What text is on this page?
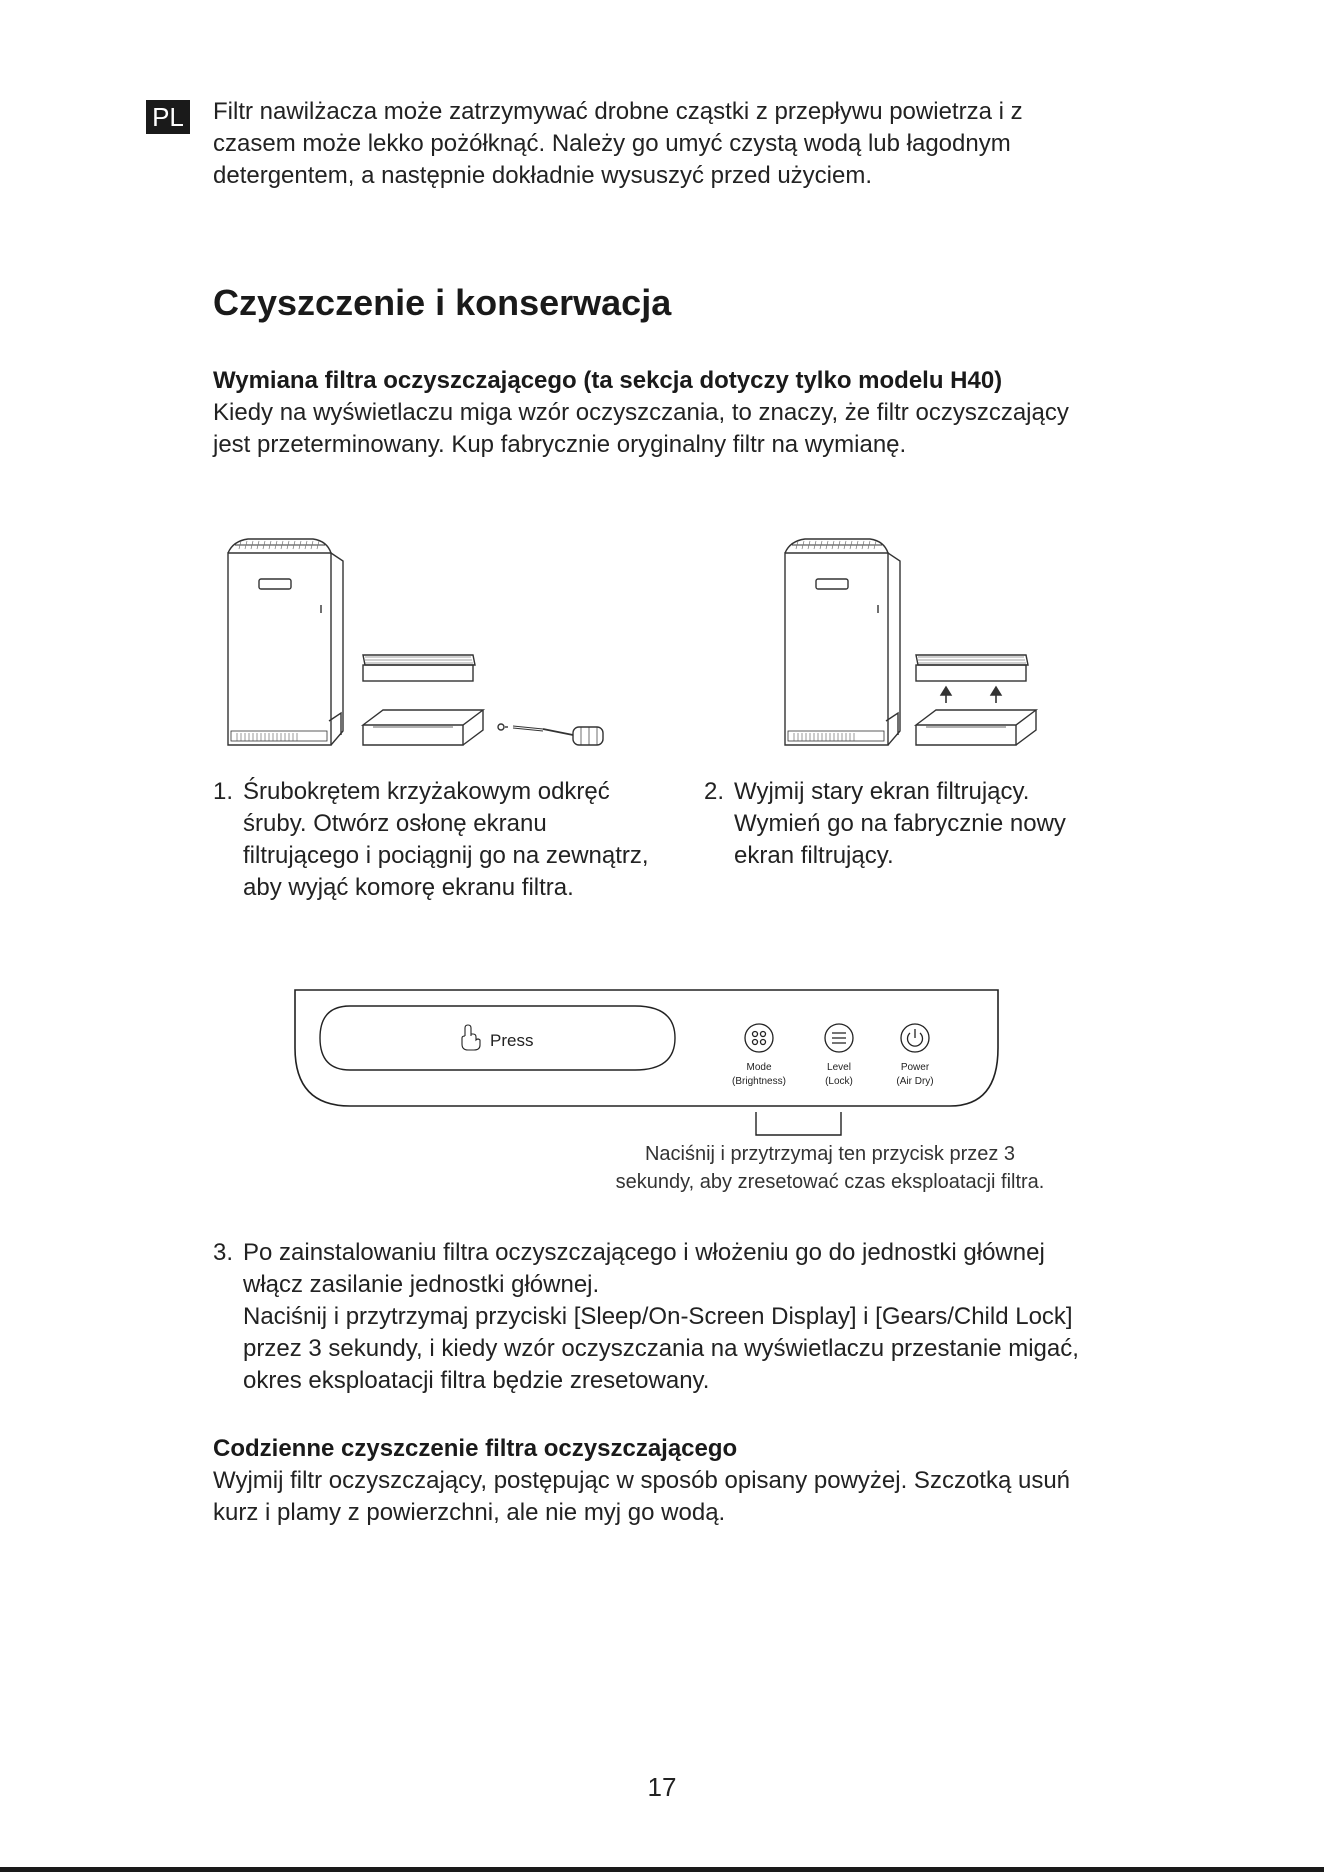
PL Filtr nawilżacza może zatrzymywać drobne cząstki z przepływu powietrza i z

czasem może lekko pożółknąć. Należy go umyć czystą wodą lub łagodnym

detergentem, a następnie dokładnie wysuszyć przed użyciem.

Czyszczenie i konserwacja

Wymiana filtra oczyszczającego (ta sekcja dotyczy tylko modelu H40)

Kiedy na wyświetlaczu miga wzór oczyszczania, to znaczy, że filtr oczyszczający

jest przeterminowany. Kup fabrycznie oryginalny filtr na wymianę.

1. Śrubokrętem krzyżakowym odkręć
śruby. Otwórz osłonę ekranu
filtrującego i pociągnij go na zewnątrz,
aby wyjąć komorę ekranu filtra.
2. Wyjmij stary ekran filtrujący.
Wymień go na fabrycznie nowy
ekran filtrujący.
Press
Mode
(Brightness)
Level
(Lock)
Power
(Air Dry)
Naciśnij i przytrzymaj ten przycisk przez 3
sekundy, aby zresetować czas eksploatacji filtra.
3. Po zainstalowaniu filtra oczyszczającego i włożeniu go do jednostki głównej
włącz zasilanie jednostki głównej.
Naciśnij i przytrzymaj przyciski [Sleep/On-Screen Display] i [Gears/Child Lock]
przez 3 sekundy, i kiedy wzór oczyszczania na wyświetlaczu przestanie migać,
okres eksploatacji filtra będzie zresetowany.

Codzienne czyszczenie filtra oczyszczającego

Wyjmij filtr oczyszczający, postępując w sposób opisany powyżej. Szczotką usuń

kurz i plamy z powierzchni, ale nie myj go wodą.

17
